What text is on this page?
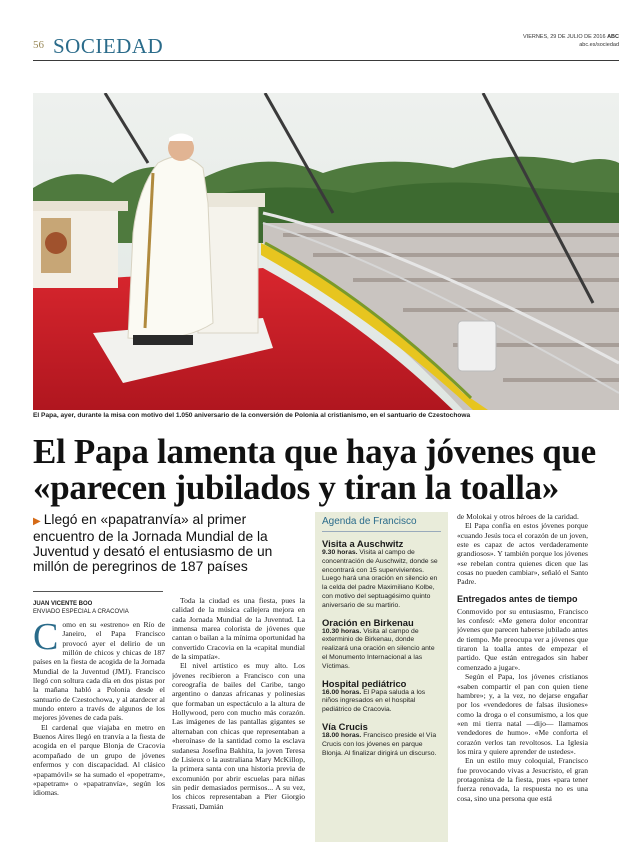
56 SOCIEDAD	VIERNES, 29 DE JULIO DE 2016 ABC
abc.es/sociedad
El Papa, ayer, durante la misa con motivo del 1.050 aniversario de la conversión de Polonia al cristianismo, en el santuario de Czestochowa
El Papa lamenta que haya jóvenes que «parecen jubilados y tiran la toalla»
▶ Llegó en «papatranvía» al primer encuentro de la Jornada Mundial de la Juventud y desató el entusiasmo de un millón de peregrinos de 187 países
JUAN VICENTE BOO
ENVIADO ESPECIAL A CRACOVIA

Como en su «estreno» en Río de Janeiro, el Papa Francisco provocó ayer el delirio de un millón de chicos y chicas de 187 países en la fiesta de acogida de la Jornada Mundial de la Juventud (JMJ). Francisco llegó con soltura cada día en dos pistas por la mañana habló a Polonia desde el santuario de Czestochowa, y al atardecer al mundo entero a través de algunos de los mejores jóvenes de cada país.

El cardenal que viajaba en metro en Buenos Aires llegó en tranvía a la fiesta de acogida en el parque Blonja de Cracovia acompañado de un grupo de jóvenes enfermos y con discapacidad. Al clásico «papamóvil» se ha sumado el «popetram», «papetram» o «papatranvía», según los idiomas.

Toda la ciudad es una fiesta, pues la calidad de la música callejera mejora en cada Jornada Mundial de la Juventud. La inmensa marea colorista de jóvenes que cantan o bailan a la mínima oportunidad ha convertido Cracovia en la «capital mundial de la simpatía».

El nivel artístico es muy alto. Los jóvenes recibieron a Francisco con una coreografía de bailes del Caribe, tango argentino o danzas africanas y polinesias que formaban un espectáculo a la altura de Hollywood, pero con mucho más corazón. Las imágenes de las pantallas gigantes se alternaban con chicas que representaban a «heroínas» de la santidad como la esclava sudanesa Josefina Bakhita, la joven Teresa de Lisieux o la australiana Mary McKillop, la primera santa con una historia previa de excomunión por abrir escuelas para niñas sin pedir demasiados permisos... A su vez, los chicos representaban a Pier Giorgio Frassati, Damián

Agenda de Francisco
Visita a Auschwitz

9.30 horas. Visita al campo de concentración de Auschwitz, donde se encontrará con 15 supervivientes. Luego hará una oración en silencio en la celda del padre Maximiliano Kolbe, con motivo del septuagésimo quinto aniversario de su martirio.

Oración en Birkenau

10.30 horas. Visita al campo de exterminio de Birkenau, donde realizará una oración en silencio ante el Monumento Internacional a las Víctimas.

Hospital pediátrico

16.00 horas. El Papa saluda a los niños ingresados en el hospital pediátrico de Cracovia.

Vía Crucis

18.00 horas. Francisco preside el Vía Crucis con los jóvenes en parque Blonja. Al finalizar dirigirá un discurso.

de Molokai y otros héroes de la caridad.

El Papa confía en estos jóvenes porque «cuando Jesús toca el corazón de un joven, este es capaz de actos verdaderamente grandiosos». Y también porque los jóvenes «se rebelan contra quienes dicen que las cosas no pueden cambiar», señaló el Santo Padre.

Entregados antes de tiempo

Conmovido por su entusiasmo, Francisco les confesó: «Me genera dolor encontrar jóvenes que parecen haberse jubilado antes de tiempo. Me preocupa ver a jóvenes que tiraron la toalla antes de empezar el partido. Que están entregados sin haber comenzado a jugar».

Según el Papa, los jóvenes cristianos «saben compartir el pan con quien tiene hambre»; y, a la vez, no dejarse engañar por los «vendedores de falsas ilusiones» como la droga o el consumismo, a los que «en mi tierra natal —dijo— llamamos vendedores de humo». «Me conforta el corazón verlos tan revoltosos. La Iglesia los mira y quiere aprender de ustedes».

En un estilo muy coloquial, Francisco fue provocando vivas a Jesucristo, el gran protagonista de la fiesta, pues «para tener fuerza renovada, la respuesta no es una cosa, sino una persona que está
